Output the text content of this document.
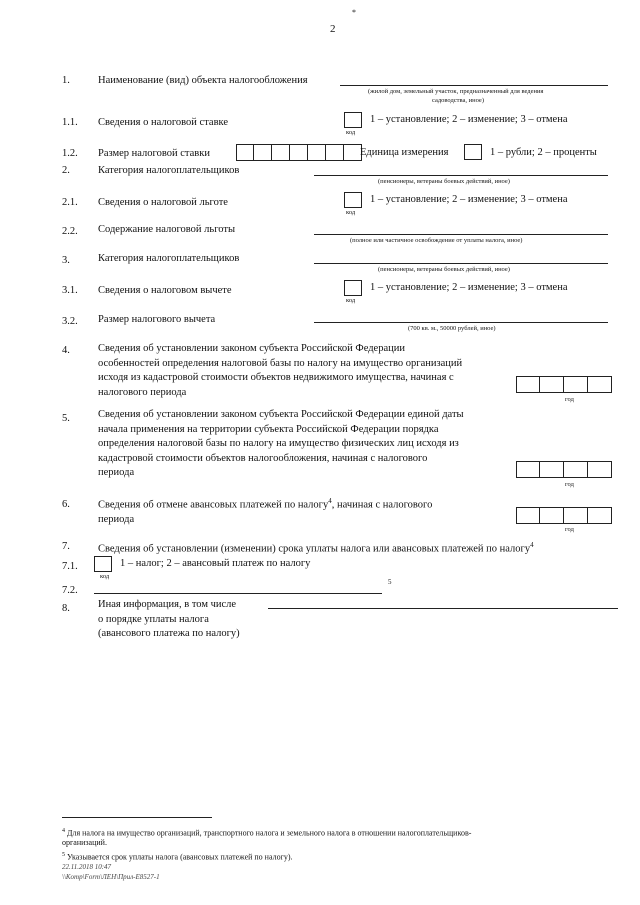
*
2
1.	Наименование (вид) объекта налогообложения
(жилой дом, земельный участок, предназначенный для ведения
садоводства, иное)
1.1. Сведения о налоговой ставке
код
1 – установление; 2 – изменение; 3 – отмена
1.2. Размер налоговой ставки	Единица измерения	1 – рубли; 2 – проценты
2.	Категория налогоплательщиков
(пенсионеры, ветераны боевых действий, иное)
2.1. Сведения о налоговой льготе
код
1 – установление; 2 – изменение; 3 – отмена
2.2. Содержание налоговой льготы
(полное или частичное освобождение от уплаты налога, иное)
3.	Категория налогоплательщиков
(пенсионеры, ветераны боевых действий, иное)
3.1. Сведения о налоговом вычете
код
1 – установление; 2 – изменение; 3 – отмена
3.2. Размер налогового вычета
(700 кв. м., 50000 рублей, иное)
4.	Сведения об установлении законом субъекта Российской Федерации
особенностей определения налоговой базы по налогу на имущество организаций
исходя из кадастровой стоимости объектов недвижимого имущества, начиная с
налогового периода
год
5.	Сведения об установлении законом субъекта Российской Федерации единой даты
начала применения на территории субъекта Российской Федерации порядка
определения налоговой базы по налогу на имущество физических лиц исходя из
кадастровой стоимости объектов налогообложения, начиная с налогового
периода
год
6.	Сведения об отмене авансовых платежей по налогу$^4$, начиная с налогового
периода
год
7.	Сведения об установлении (изменении) срока уплаты налога или авансовых платежей по налогу$^4$
7.1.
код
1 – налог; 2 – авансовый платеж по налогу
7.2.
5
8.	Иная информация, в том числе
о порядке уплаты налога
(авансового платежа по налогу)
$^4$ Для налога на имущество организаций, транспортного налога и земельного налога в отношении налогоплательщиков-
организаций.
$^5$ Указывается срок уплаты налога (авансовых платежей по налогу).
22.11.2018 10:47
\\Komp\Form\ЛЕН\Прил-E8527-1
